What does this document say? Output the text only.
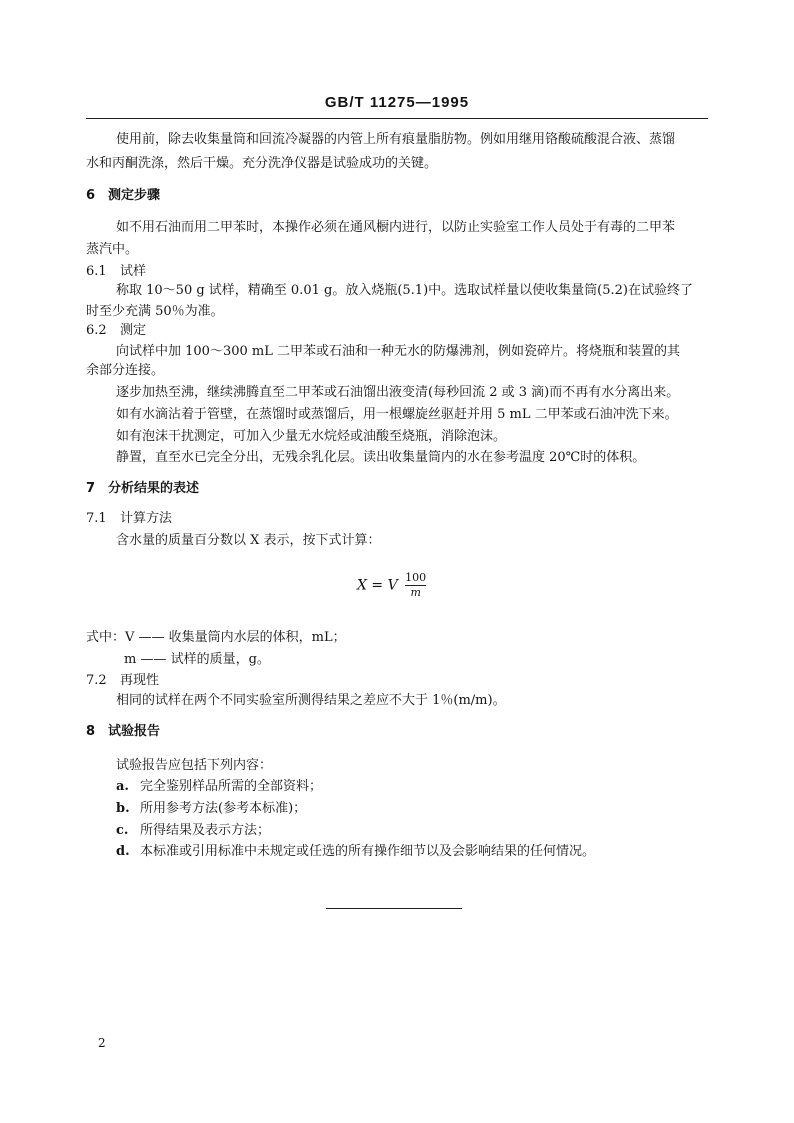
GB/T 11275—1995
使用前，除去收集量筒和回流冷凝器的内管上所有痕量脂肪物。例如用继用铬酸硫酸混合液、蒸馏
水和丙酮洗涤，然后干燥。充分洗净仪器是试验成功的关键。
6 测定步骤
如不用石油而用二甲苯时，本操作必须在通风橱内进行，以防止实验室工作人员处于有毒的二甲苯
蒸汽中。
6.1 试样
称取 10～50 g 试样，精确至 0.01 g。放入烧瓶(5.1)中。选取试样量以使收集量筒(5.2)在试验终了
时至少充满 50％为准。
6.2 测定
向试样中加 100～300 mL 二甲苯或石油和一种无水的防爆沸剂，例如瓷碎片。将烧瓶和装置的其
余部分连接。
逐步加热至沸，继续沸腾直至二甲苯或石油馏出液变清(每秒回流 2 或 3 滴)而不再有水分离出来。
如有水滴沾着于管壁，在蒸馏时或蒸馏后，用一根螺旋丝驱赶并用 5 mL 二甲苯或石油冲洗下来。
如有泡沫干扰测定，可加入少量无水烷烃或油酸至烧瓶，消除泡沫。
静置，直至水已完全分出，无残余乳化层。读出收集量筒内的水在参考温度 20℃时的体积。
7 分析结果的表述
7.1 计算方法
含水量的质量百分数以 X 表示，按下式计算：
X = V $\frac{100}{m}$
式中：V —— 收集量筒内水层的体积，mL；
m —— 试样的质量，g。
7.2 再现性
相同的试样在两个不同实验室所测得结果之差应不大于 1％(m/m)。
8 试验报告
试验报告应包括下列内容：
a. 完全鉴别样品所需的全部资料；
b. 所用参考方法(参考本标准)；
c. 所得结果及表示方法；
d. 本标准或引用标准中未规定或任选的所有操作细节以及会影响结果的任何情况。
2
